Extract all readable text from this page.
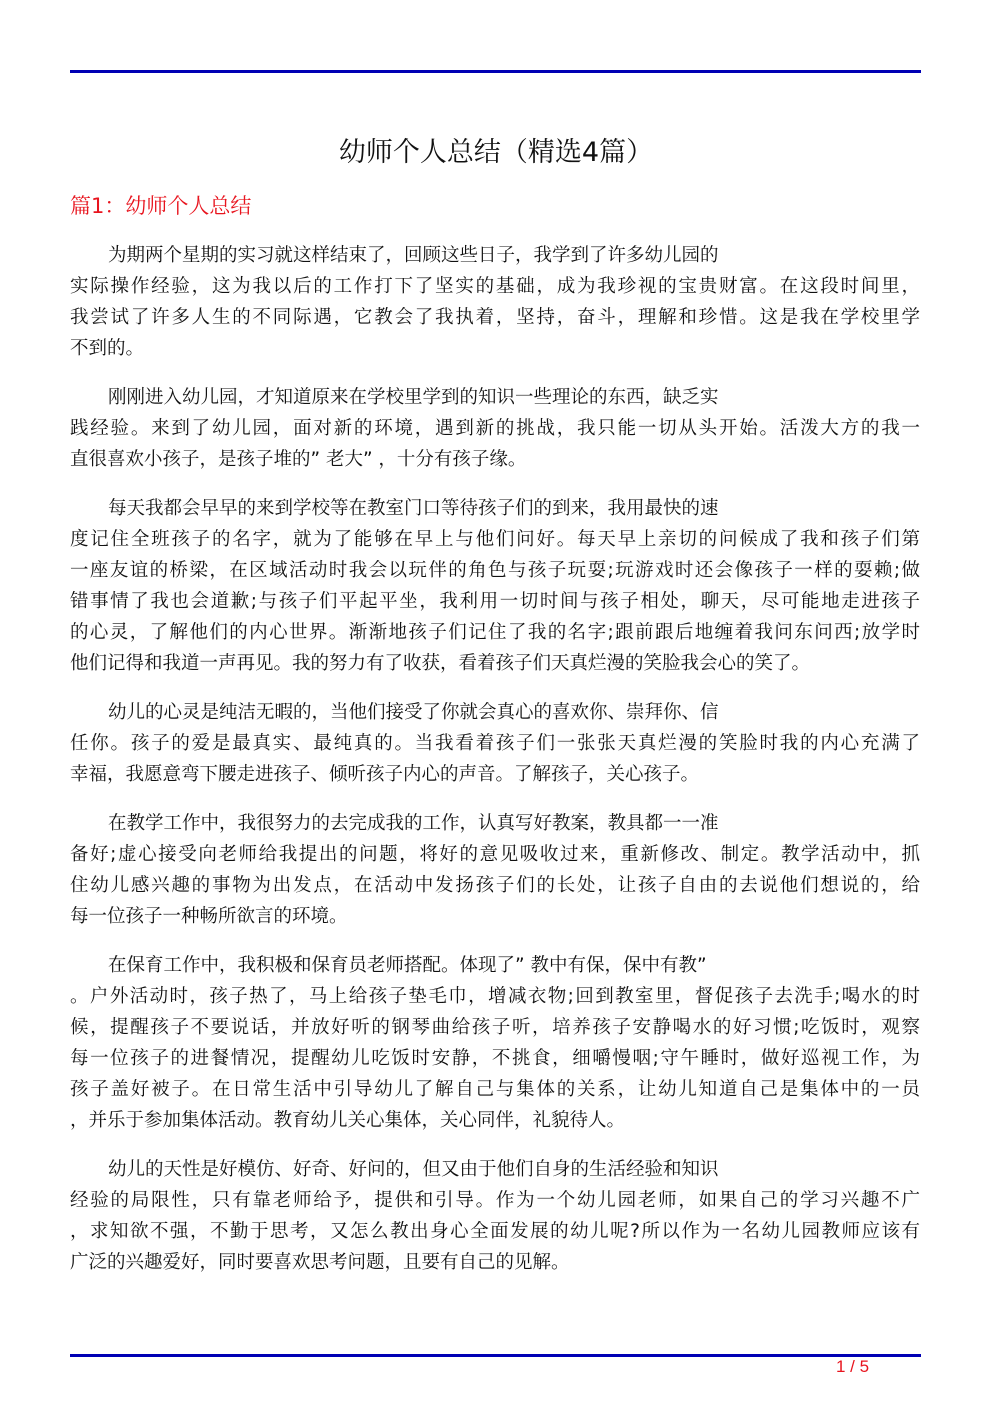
幼师个人总结（精选4篇）
篇1：幼师个人总结
为期两个星期的实习就这样结束了，回顾这些日子，我学到了许多幼儿园的
实际操作经验，这为我以后的工作打下了坚实的基础，成为我珍视的宝贵财富。在这段时间里，
我尝试了许多人生的不同际遇，它教会了我执着，坚持，奋斗，理解和珍惜。这是我在学校里学
不到的。
刚刚进入幼儿园，才知道原来在学校里学到的知识一些理论的东西，缺乏实
践经验。来到了幼儿园，面对新的环境，遇到新的挑战，我只能一切从头开始。活泼大方的我一
直很喜欢小孩子，是孩子堆的” 老大” ，十分有孩子缘。
每天我都会早早的来到学校等在教室门口等待孩子们的到来，我用最快的速
度记住全班孩子的名字，就为了能够在早上与他们问好。每天早上亲切的问候成了我和孩子们第
一座友谊的桥梁，在区域活动时我会以玩伴的角色与孩子玩耍;玩游戏时还会像孩子一样的耍赖;做
错事情了我也会道歉;与孩子们平起平坐，我利用一切时间与孩子相处，聊天，尽可能地走进孩子
的心灵，了解他们的内心世界。渐渐地孩子们记住了我的名字;跟前跟后地缠着我问东问西;放学时
他们记得和我道一声再见。我的努力有了收获，看着孩子们天真烂漫的笑脸我会心的笑了。
幼儿的心灵是纯洁无暇的，当他们接受了你就会真心的喜欢你、崇拜你、信
任你。孩子的爱是最真实、最纯真的。当我看着孩子们一张张天真烂漫的笑脸时我的内心充满了
幸福，我愿意弯下腰走进孩子、倾听孩子内心的声音。了解孩子，关心孩子。
在教学工作中，我很努力的去完成我的工作，认真写好教案，教具都一一准
备好;虚心接受向老师给我提出的问题，将好的意见吸收过来，重新修改、制定。教学活动中，抓
住幼儿感兴趣的事物为出发点，在活动中发扬孩子们的长处，让孩子自由的去说他们想说的，给
每一位孩子一种畅所欲言的环境。
在保育工作中，我积极和保育员老师搭配。体现了” 教中有保，保中有教”
。户外活动时，孩子热了，马上给孩子垫毛巾，增减衣物;回到教室里，督促孩子去洗手;喝水的时
候，提醒孩子不要说话，并放好听的钢琴曲给孩子听，培养孩子安静喝水的好习惯;吃饭时，观察
每一位孩子的进餐情况，提醒幼儿吃饭时安静，不挑食，细嚼慢咽;守午睡时，做好巡视工作，为
孩子盖好被子。在日常生活中引导幼儿了解自己与集体的关系，让幼儿知道自己是集体中的一员
，并乐于参加集体活动。教育幼儿关心集体，关心同伴，礼貌待人。
幼儿的天性是好模仿、好奇、好问的，但又由于他们自身的生活经验和知识
经验的局限性，只有靠老师给予，提供和引导。作为一个幼儿园老师，如果自己的学习兴趣不广
，求知欲不强，不勤于思考，又怎么教出身心全面发展的幼儿呢?所以作为一名幼儿园教师应该有
广泛的兴趣爱好，同时要喜欢思考问题，且要有自己的见解。
1 / 5
